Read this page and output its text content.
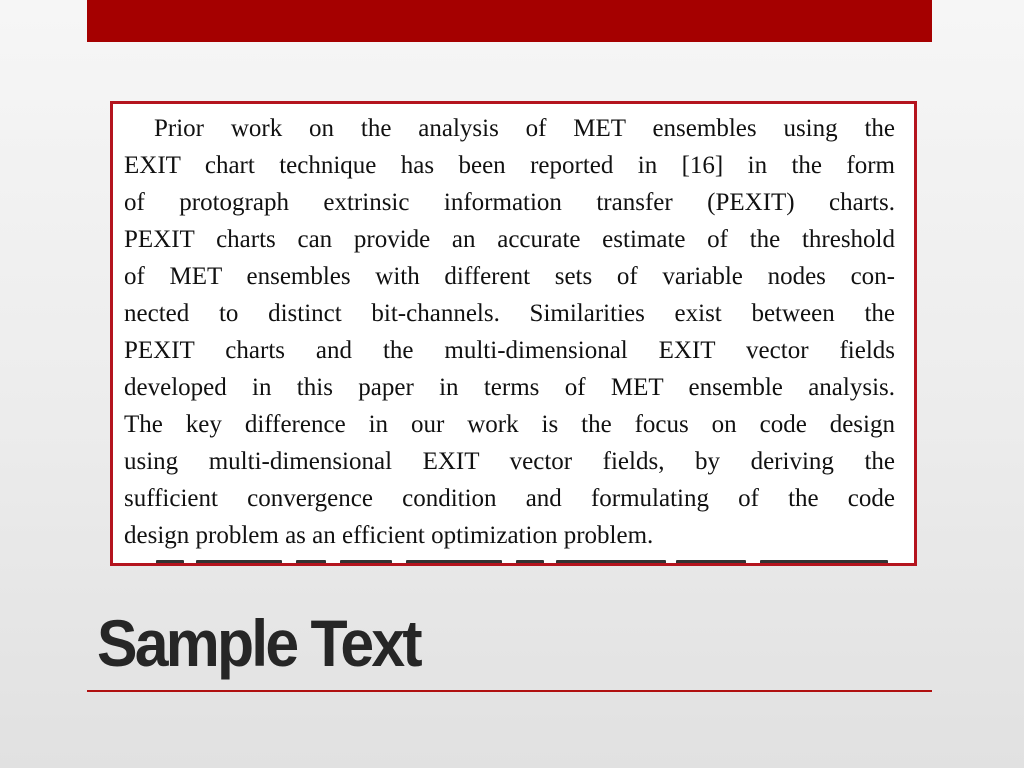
Prior work on the analysis of MET ensembles using the
EXIT chart technique has been reported in [16] in the form
of protograph extrinsic information transfer (PEXIT) charts.
PEXIT charts can provide an accurate estimate of the threshold
of MET ensembles with different sets of variable nodes con-
nected to distinct bit-channels. Similarities exist between the
PEXIT charts and the multi-dimensional EXIT vector fields
developed in this paper in terms of MET ensemble analysis.
The key difference in our work is the focus on code design
using multi-dimensional EXIT vector fields, by deriving the
sufficient convergence condition and formulating of the code
design problem as an efficient optimization problem.
Sample Text
